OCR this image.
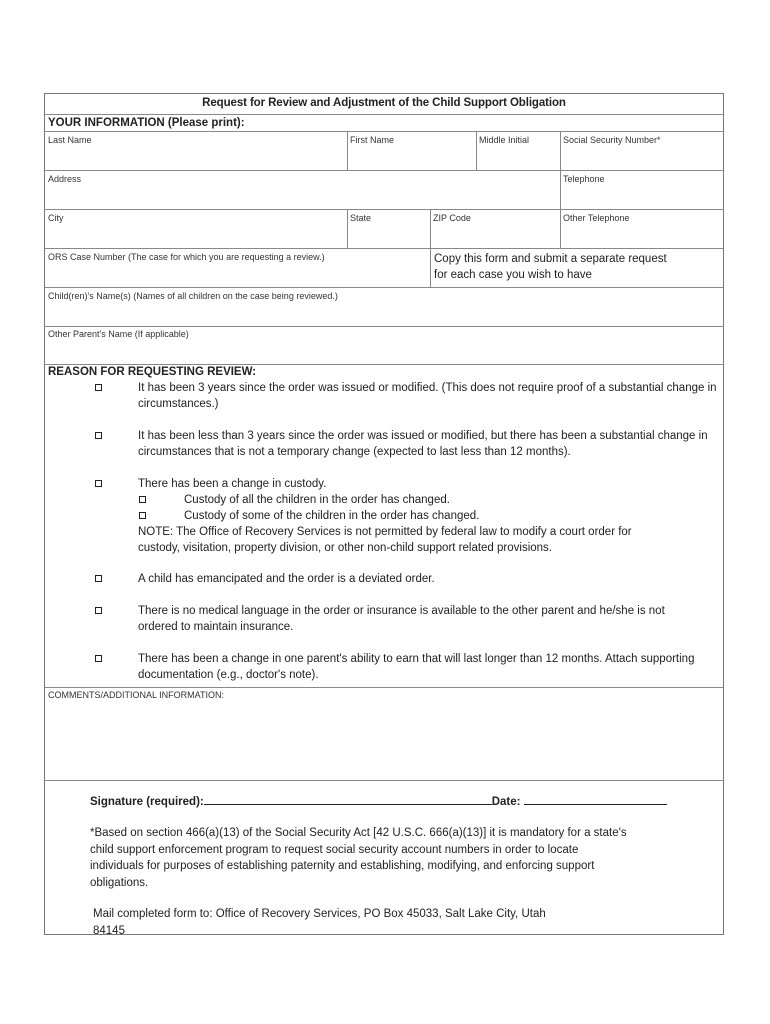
Request for Review and Adjustment of the Child Support Obligation
YOUR INFORMATION (Please print):
Last Name	First Name	Middle Initial	Social Security Number*
Address	Telephone
City	State	ZIP Code	Other Telephone
ORS Case Number (The case for which you are requesting a review.)	Copy this form and submit a separate request for each case you wish to have
Child(ren)'s Name(s) (Names of all children on the case being reviewed.)
Other Parent's Name (If applicable)
REASON FOR REQUESTING REVIEW:
It has been 3 years since the order was issued or modified. (This does not require proof of a substantial change in circumstances.)
It has been less than 3 years since the order was issued or modified, but there has been a substantial change in circumstances that is not a temporary change (expected to last less than 12 months).
There has been a change in custody.
Custody of all the children in the order has changed.
Custody of some of the children in the order has changed.
NOTE: The Office of Recovery Services is not permitted by federal law to modify a court order for custody, visitation, property division, or other non-child support related provisions.
A child has emancipated and the order is a deviated order.
There is no medical language in the order or insurance is available to the other parent and he/she is not ordered to maintain insurance.
There has been a change in one parent's ability to earn that will last longer than 12 months. Attach supporting documentation (e.g., doctor's note).
COMMENTS/ADDITIONAL INFORMATION:
Signature (required):	Date:
*Based on section 466(a)(13) of the Social Security Act [42 U.S.C. 666(a)(13)] it is mandatory for a state's child support enforcement program to request social security account numbers in order to locate individuals for purposes of establishing paternity and establishing, modifying, and enforcing support obligations.
Mail completed form to: Office of Recovery Services, PO Box 45033, Salt Lake City, Utah 84145
